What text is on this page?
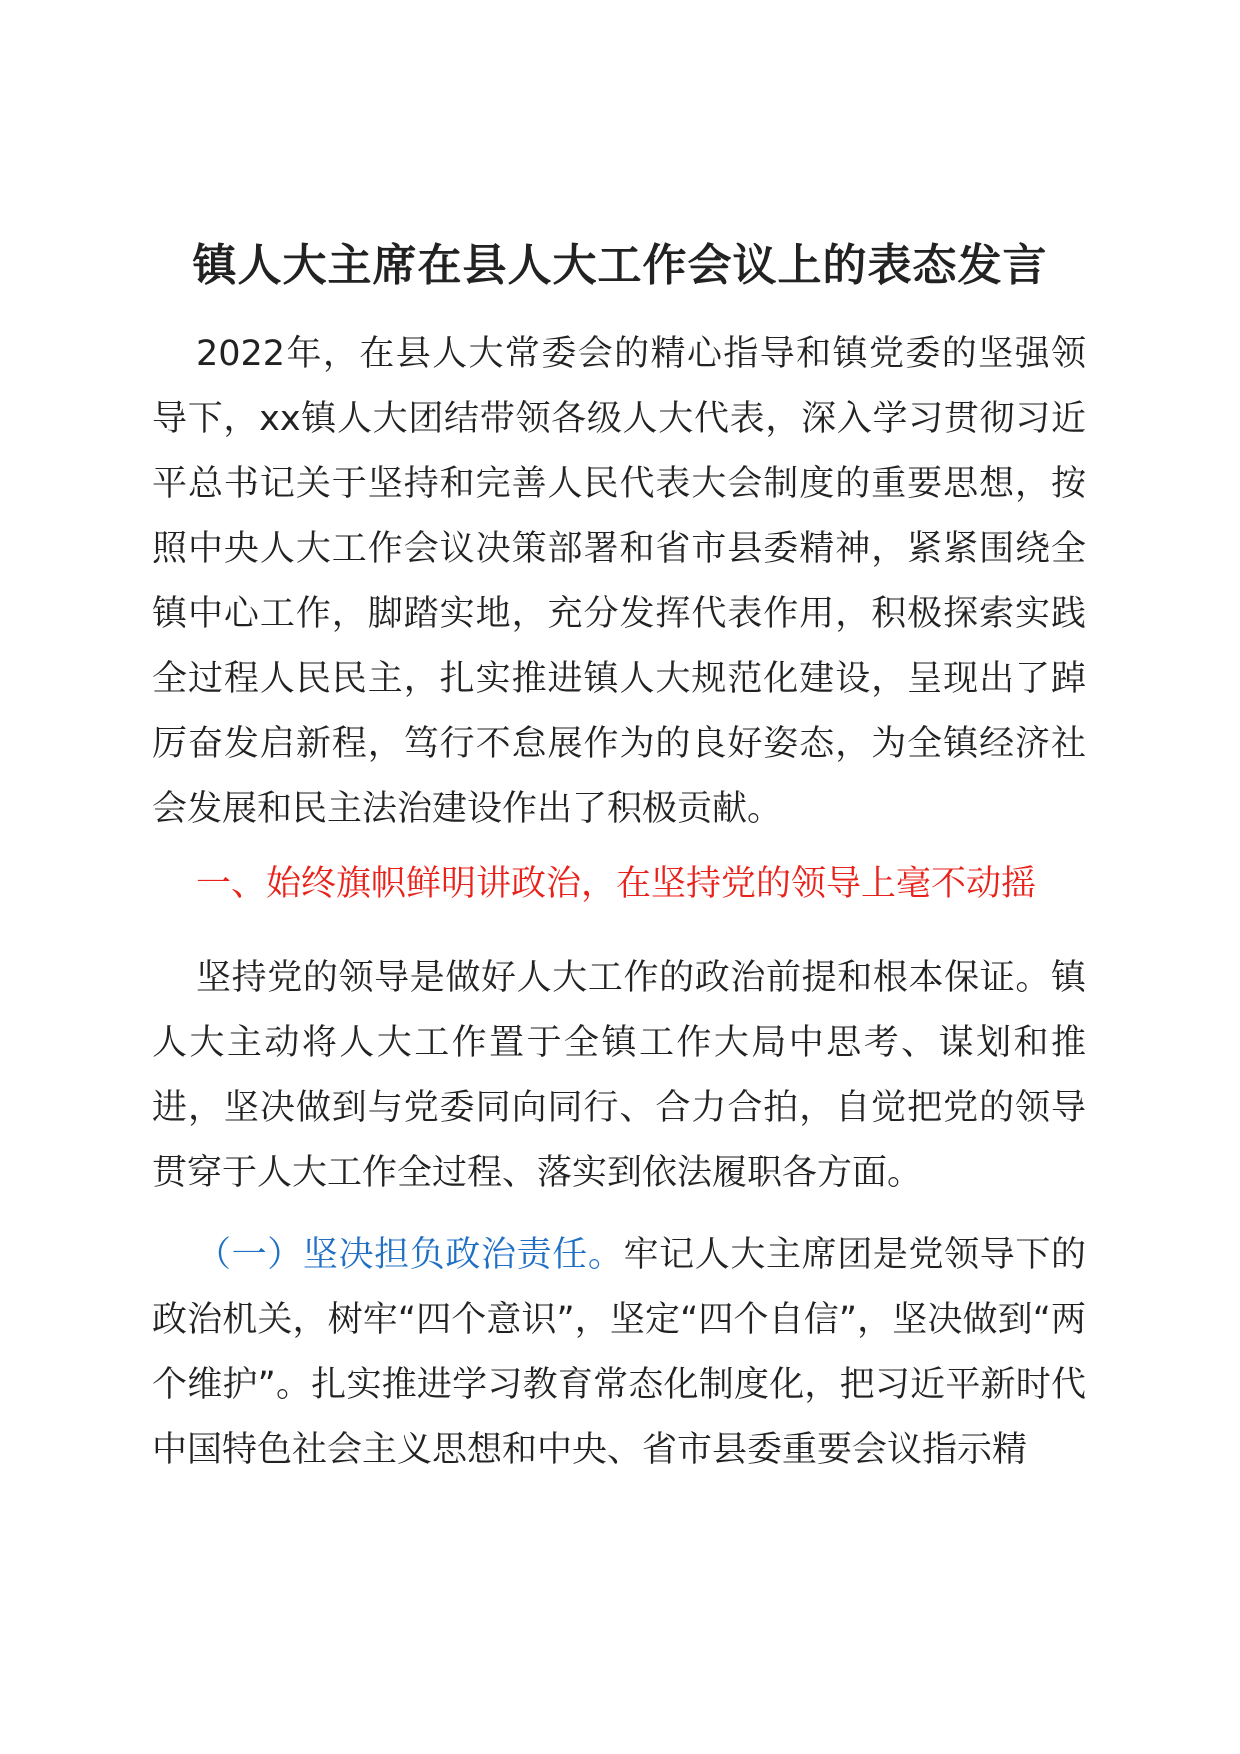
镇人大主席在县人大工作会议上的表态发言
2022年，在县人大常委会的精心指导和镇党委的坚强领导下，xx镇人大团结带领各级人大代表，深入学习贯彻习近平总书记关于坚持和完善人民代表大会制度的重要思想，按照中央人大工作会议决策部署和省市县委精神，紧紧围绕全镇中心工作，脚踏实地，充分发挥代表作用，积极探索实践全过程人民民主，扎实推进镇人大规范化建设，呈现出了踔厉奋发启新程，笃行不怠展作为的良好姿态，为全镇经济社会发展和民主法治建设作出了积极贡献。
一、始终旗帜鲜明讲政治，在坚持党的领导上毫不动摇
坚持党的领导是做好人大工作的政治前提和根本保证。镇人大主动将人大工作置于全镇工作大局中思考、谋划和推进，坚决做到与党委同向同行、合力合拍，自觉把党的领导贯穿于人大工作全过程、落实到依法履职各方面。
（一）坚决担负政治责任。牢记人大主席团是党领导下的政治机关，树牢“四个意识”，坚定“四个自信”，坚决做到“两个维护”。扎实推进学习教育常态化制度化，把习近平新时代中国特色社会主义思想和中央、省市县委重要会议指示精
